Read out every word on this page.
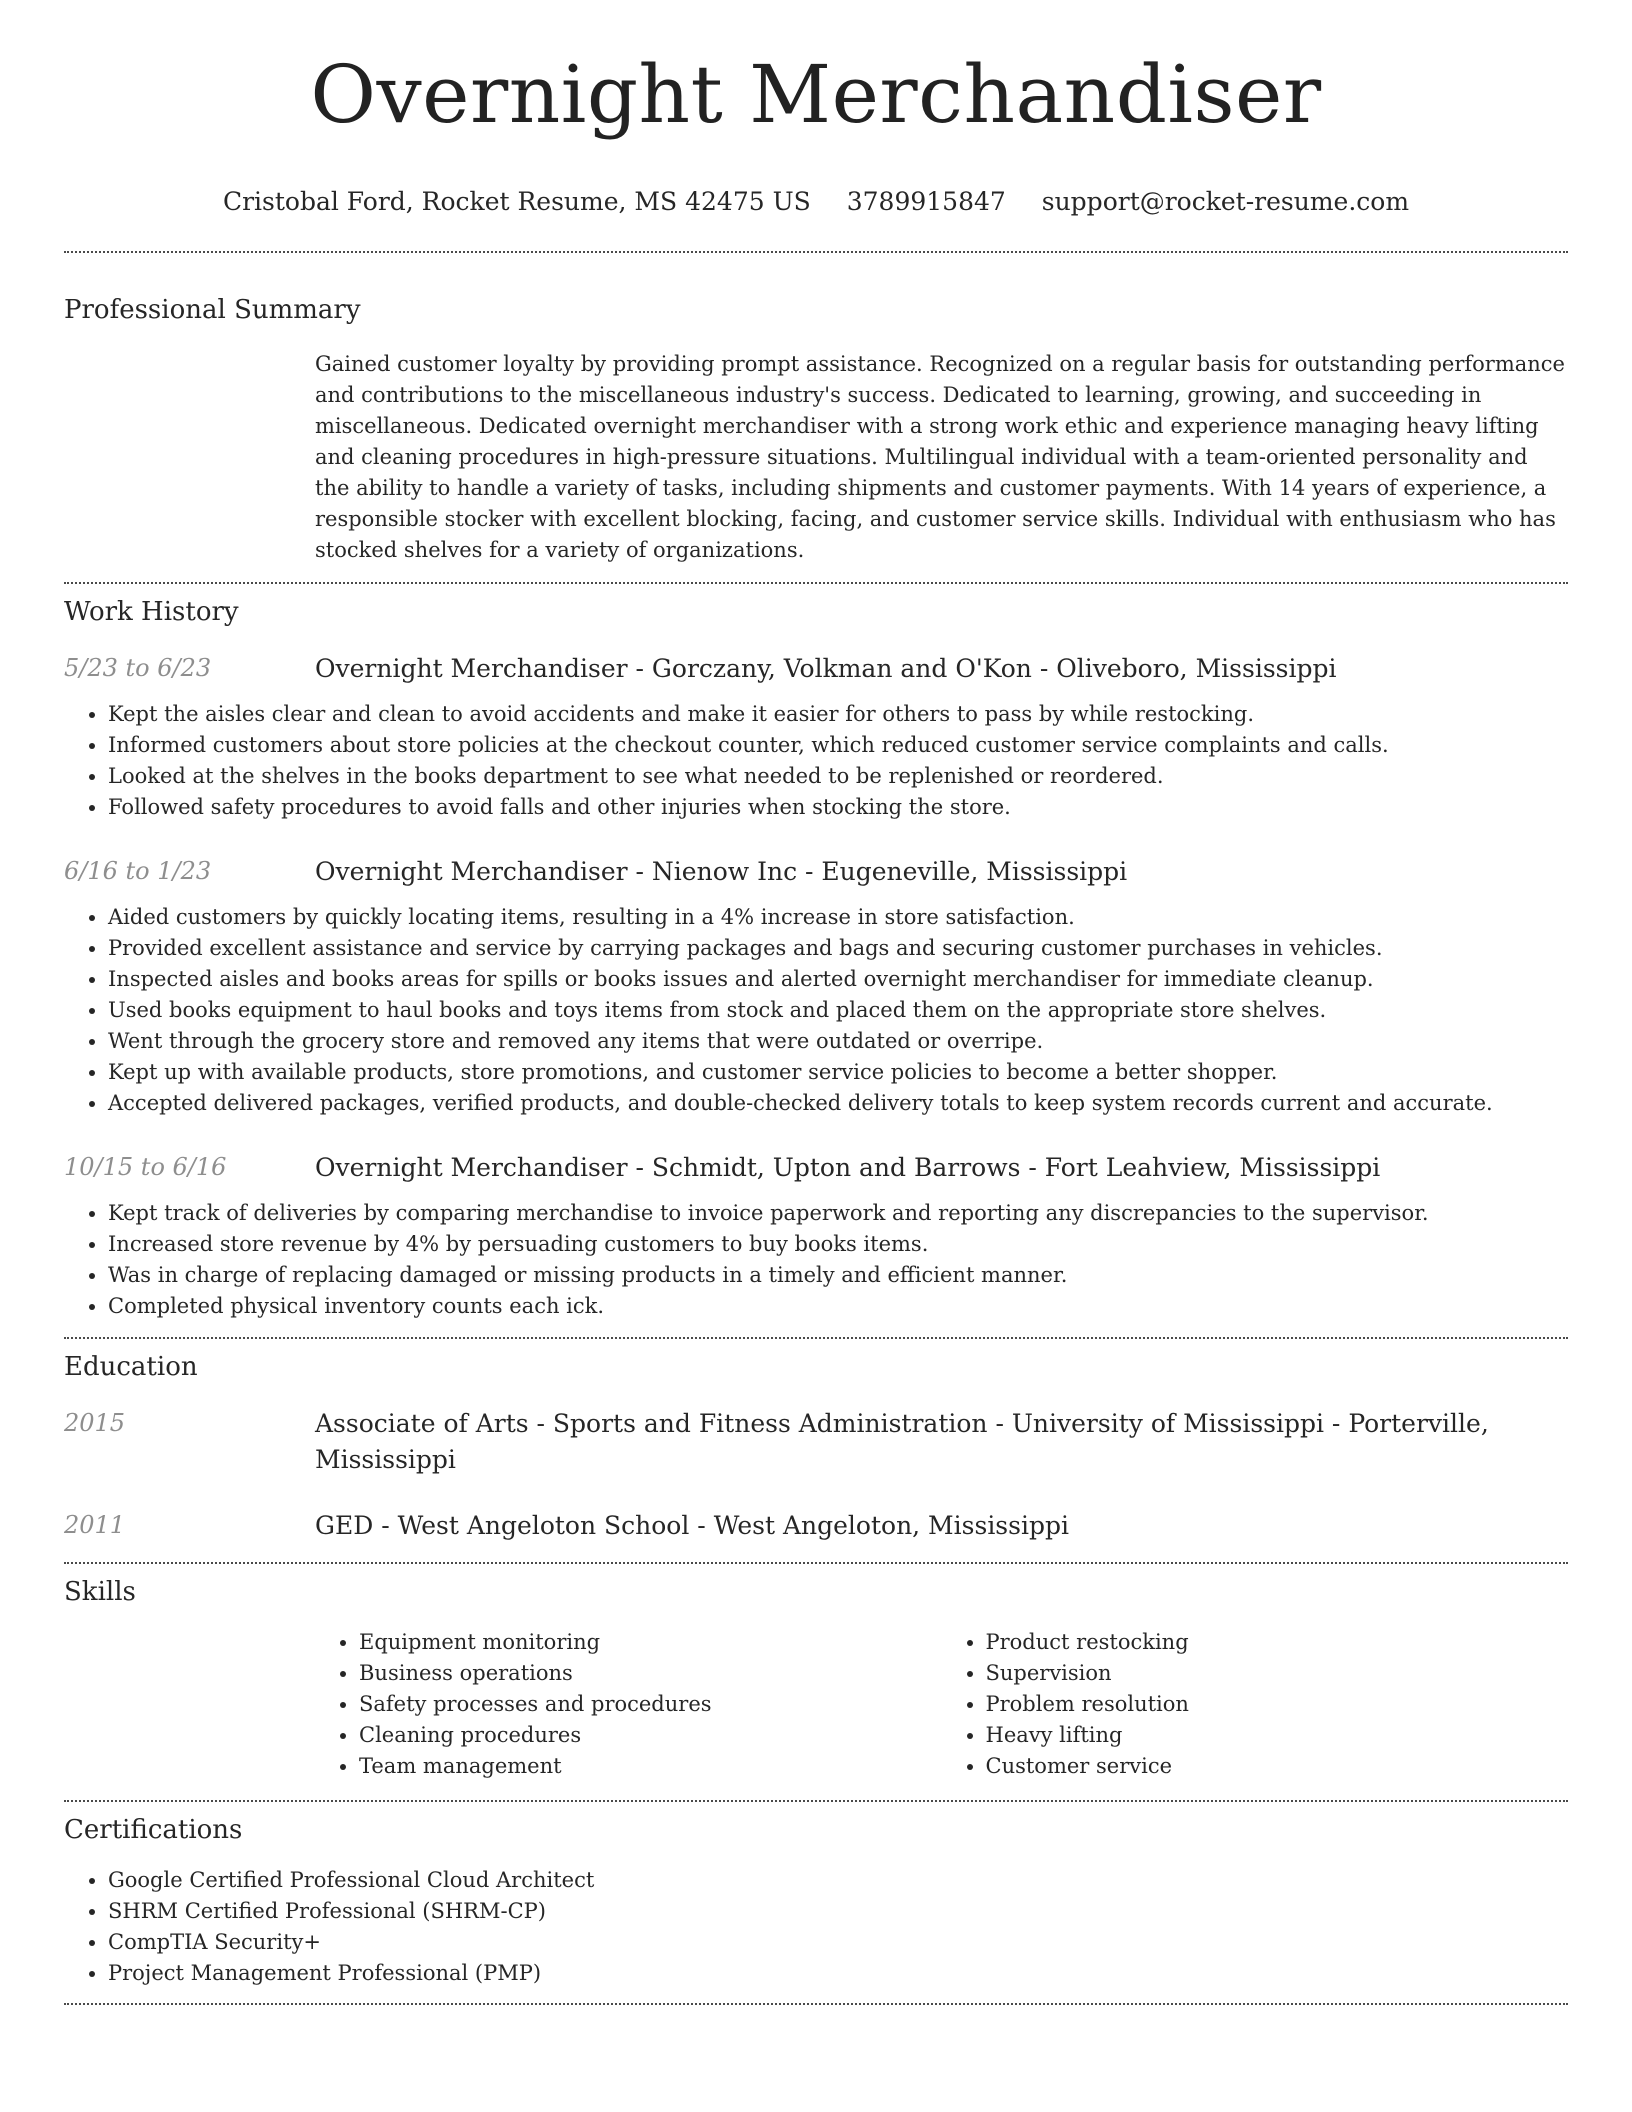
Overnight Merchandiser
Cristobal Ford, Rocket Resume, MS 42475 US 3789915847 support@rocket-resume.com
Professional Summary
Gained customer loyalty by providing prompt assistance. Recognized on a regular basis for outstanding performance and contributions to the miscellaneous industry's success. Dedicated to learning, growing, and succeeding in miscellaneous. Dedicated overnight merchandiser with a strong work ethic and experience managing heavy lifting and cleaning procedures in high-pressure situations. Multilingual individual with a team-oriented personality and the ability to handle a variety of tasks, including shipments and customer payments. With 14 years of experience, a responsible stocker with excellent blocking, facing, and customer service skills. Individual with enthusiasm who has stocked shelves for a variety of organizations.
Work History
5/23 to 6/23	Overnight Merchandiser - Gorczany, Volkman and O'Kon - Oliveboro, Mississippi
• Kept the aisles clear and clean to avoid accidents and make it easier for others to pass by while restocking.
• Informed customers about store policies at the checkout counter, which reduced customer service complaints and calls.
• Looked at the shelves in the books department to see what needed to be replenished or reordered.
• Followed safety procedures to avoid falls and other injuries when stocking the store.
6/16 to 1/23	Overnight Merchandiser - Nienow Inc - Eugeneville, Mississippi
• Aided customers by quickly locating items, resulting in a 4% increase in store satisfaction.
• Provided excellent assistance and service by carrying packages and bags and securing customer purchases in vehicles.
• Inspected aisles and books areas for spills or books issues and alerted overnight merchandiser for immediate cleanup.
• Used books equipment to haul books and toys items from stock and placed them on the appropriate store shelves.
• Went through the grocery store and removed any items that were outdated or overripe.
• Kept up with available products, store promotions, and customer service policies to become a better shopper.
• Accepted delivered packages, verified products, and double-checked delivery totals to keep system records current and accurate.
10/15 to 6/16	Overnight Merchandiser - Schmidt, Upton and Barrows - Fort Leahview, Mississippi
• Kept track of deliveries by comparing merchandise to invoice paperwork and reporting any discrepancies to the supervisor.
• Increased store revenue by 4% by persuading customers to buy books items.
• Was in charge of replacing damaged or missing products in a timely and efficient manner.
• Completed physical inventory counts each ick.
Education
2015	Associate of Arts - Sports and Fitness Administration - University of Mississippi - Porterville, Mississippi
2011	GED - West Angeloton School - West Angeloton, Mississippi
Skills
• Equipment monitoring
• Business operations
• Safety processes and procedures
• Cleaning procedures
• Team management
• Product restocking
• Supervision
• Problem resolution
• Heavy lifting
• Customer service
Certifications
• Google Certified Professional Cloud Architect
• SHRM Certified Professional (SHRM-CP)
• CompTIA Security+
• Project Management Professional (PMP)
